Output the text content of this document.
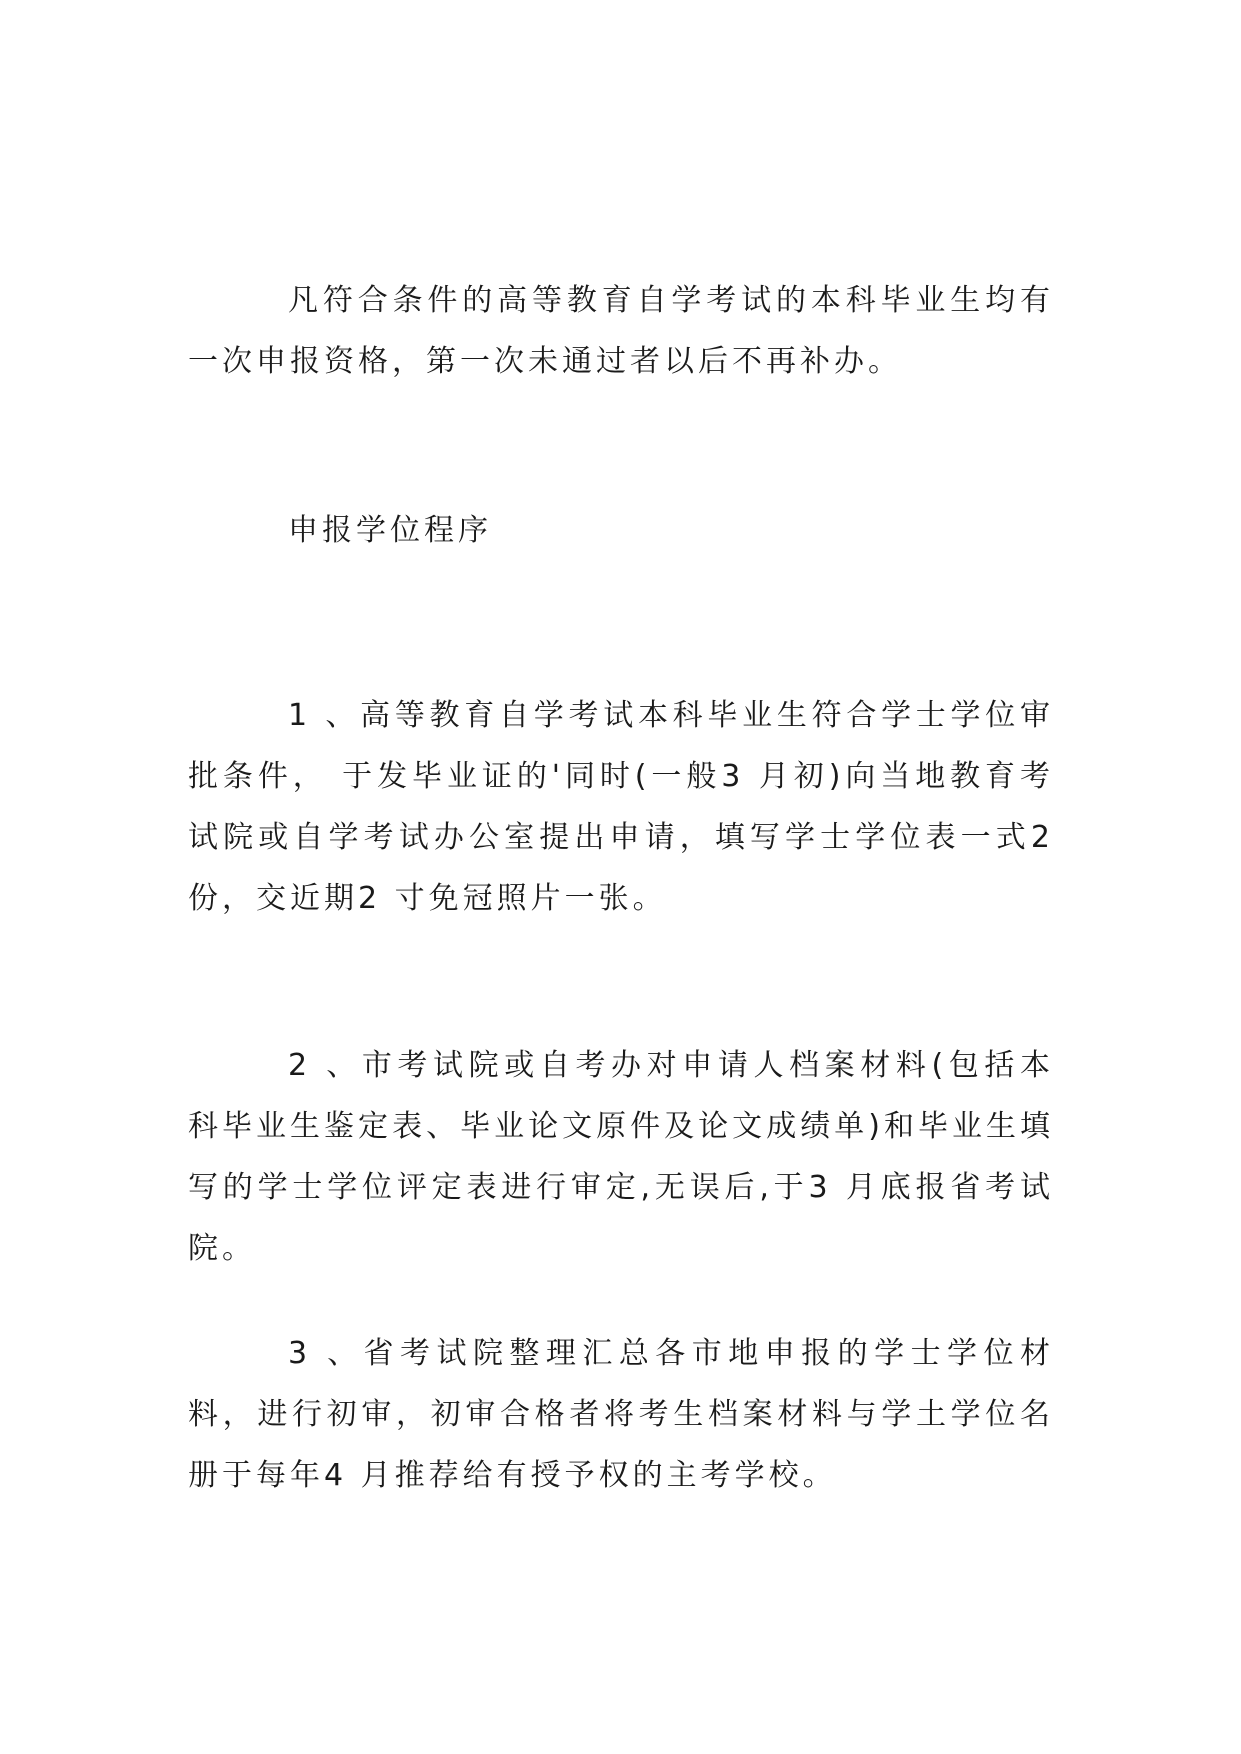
凡符合条件的高等教育自学考试的本科毕业生均有一次申报资格，第一次未通过者以后不再补办。

申报学位程序

1 、高等教育自学考试本科毕业生符合学士学位审批条件， 于发毕业证的'同时(一般3 月初)向当地教育考试院或自学考试办公室提出申请，填写学士学位表一式2 份，交近期2 寸免冠照片一张。

2 、市考试院或自考办对申请人档案材料(包括本科毕业生鉴定表、毕业论文原件及论文成绩单)和毕业生填写的学士学位评定表进行审定,无误后,于3 月底报省考试院。

3 、省考试院整理汇总各市地申报的学士学位材料，进行初审，初审合格者将考生档案材料与学土学位名册于每年4 月推荐给有授予权的主考学校。
